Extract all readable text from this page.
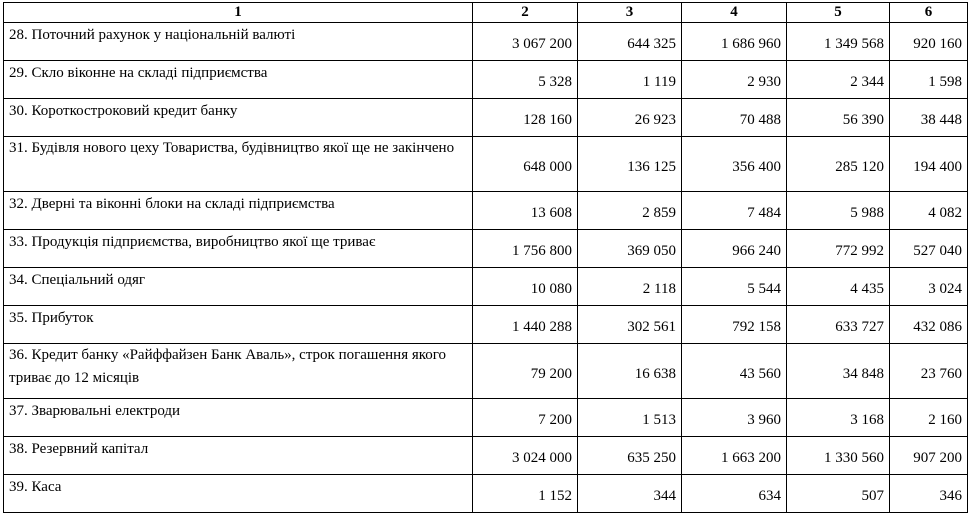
1	2	3	4	5	6
28. Поточний рахунок у національній валюті	3 067 200	644 325	1 686 960	1 349 568	920 160
29. Скло віконне на складі підприємства	5 328	1 119	2 930	2 344	1 598
30. Короткостроковий кредит банку	128 160	26 923	70 488	56 390	38 448
31. Будівля нового цеху Товариства, будівництво якої ще не закінчено	648 000	136 125	356 400	285 120	194 400
32. Дверні та віконні блоки на складі підприємства	13 608	2 859	7 484	5 988	4 082
33. Продукція підприємства, виробництво якої ще триває	1 756 800	369 050	966 240	772 992	527 040
34. Спеціальний одяг	10 080	2 118	5 544	4 435	3 024
35. Прибуток	1 440 288	302 561	792 158	633 727	432 086
36. Кредит банку «Райффайзен Банк Аваль», строк погашення якого триває до 12 місяців	79 200	16 638	43 560	34 848	23 760
37. Зварювальні електроди	7 200	1 513	3 960	3 168	2 160
38. Резервний капітал	3 024 000	635 250	1 663 200	1 330 560	907 200
39. Каса	1 152	344	634	507	346
